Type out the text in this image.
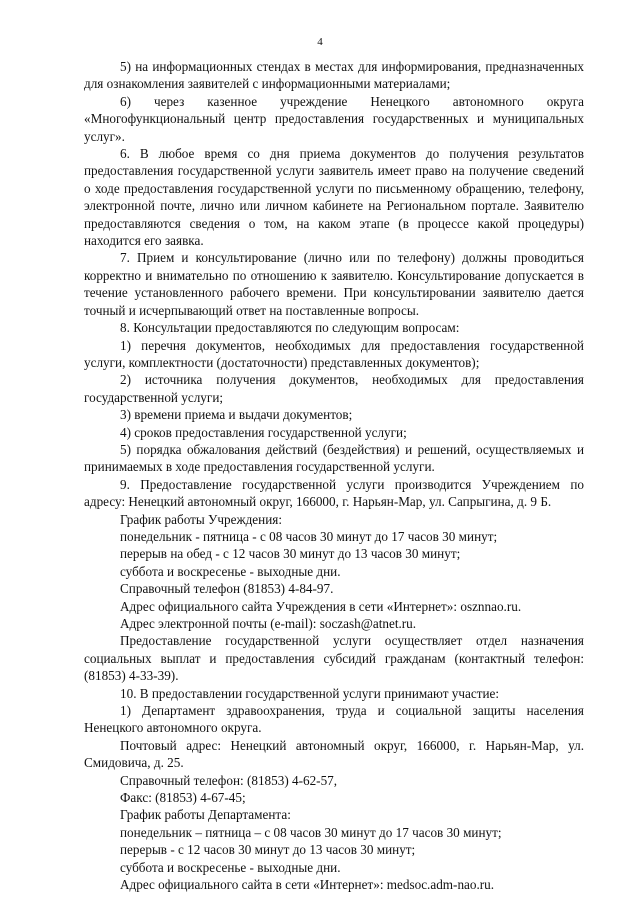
4

5) на информационных стендах в местах для информирования, предназначенных для ознакомления заявителей с информационными материалами;

6) через казенное учреждение Ненецкого автономного округа «Многофункциональный центр предоставления государственных и муниципальных услуг».

6. В любое время со дня приема документов до получения результатов предоставления государственной услуги заявитель имеет право на получение сведений о ходе предоставления государственной услуги по письменному обращению, телефону, электронной почте, лично или личном кабинете на Региональном портале. Заявителю предоставляются сведения о том, на каком этапе (в процессе какой процедуры) находится его заявка.

7. Прием и консультирование (лично или по телефону) должны проводиться корректно и внимательно по отношению к заявителю. Консультирование допускается в течение установленного рабочего времени. При консультировании заявителю дается точный и исчерпывающий ответ на поставленные вопросы.

8. Консультации предоставляются по следующим вопросам:

1) перечня документов, необходимых для предоставления государственной услуги, комплектности (достаточности) представленных документов);

2) источника получения документов, необходимых для предоставления государственной услуги;

3) времени приема и выдачи документов;

4) сроков предоставления государственной услуги;

5) порядка обжалования действий (бездействия) и решений, осуществляемых и принимаемых в ходе предоставления государственной услуги.

9. Предоставление государственной услуги производится Учреждением по адресу: Ненецкий автономный округ, 166000, г. Нарьян-Мар, ул. Сапрыгина, д. 9 Б.

График работы Учреждения:

понедельник - пятница - с 08 часов 30 минут до 17 часов 30 минут;

перерыв на обед - с 12 часов 30 минут до 13 часов 30 минут;

суббота и воскресенье - выходные дни.

Справочный телефон (81853) 4-84-97.

Адрес официального сайта Учреждения в сети «Интернет»: osznnao.ru.

Адрес электронной почты (e-mail): soczash@atnet.ru.

Предоставление государственной услуги осуществляет отдел назначения социальных выплат и предоставления субсидий гражданам (контактный телефон: (81853) 4-33-39).

10. В предоставлении государственной услуги принимают участие:

1) Департамент здравоохранения, труда и социальной защиты населения Ненецкого автономного округа.

Почтовый адрес: Ненецкий автономный округ, 166000, г. Нарьян-Мар, ул. Смидовича, д. 25.

Справочный телефон: (81853) 4-62-57,

Факс: (81853) 4-67-45;

График работы Департамента:

понедельник – пятница – с 08 часов 30 минут до 17 часов 30 минут;

перерыв - с 12 часов 30 минут до 13 часов 30 минут;

суббота и воскресенье - выходные дни.

Адрес официального сайта в сети «Интернет»: medsoc.adm-nao.ru.
